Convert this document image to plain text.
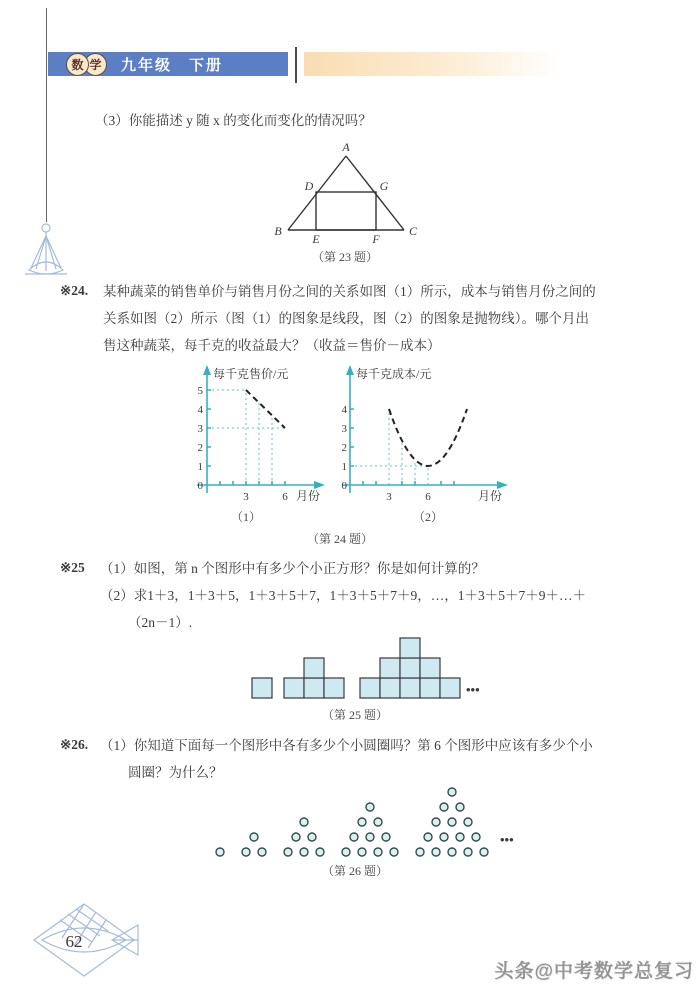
数 学 九年级　下册
（3）你能描述 y 随 x 的变化而变化的情况吗？
A
B	C
D	G
E	F
（第 23 题）
※24. 某种蔬菜的销售单价与销售月份之间的关系如图（1）所示，成本与销售月份之间的
关系如图（2）所示（图（1）的图象是线段，图（2）的图象是抛物线）。哪个月出
售这种蔬菜，每千克的收益最大？（收益＝售价－成本）
每千克售价/元
5
4
3
2
1
0
3	6 月份
每千克成本/元
4
3
2
1
0
3	6	月份
（1）	（2）
（第 24 题）
※25 （1）如图，第 n 个图形中有多少个小正方形？你是如何计算的？
（2）求1＋3，1＋3＋5，1＋3＋5＋7，1＋3＋5＋7＋9，…，1＋3＋5＋7＋9＋…＋
（2n－1）.
•••
（第 25 题）
※26. （1）你知道下面每一个图形中各有多少个小圆圈吗？第 6 个图形中应该有多少个小
圆圈？为什么？
•••
（第 26 题）
62
头条@中考数学总复习
